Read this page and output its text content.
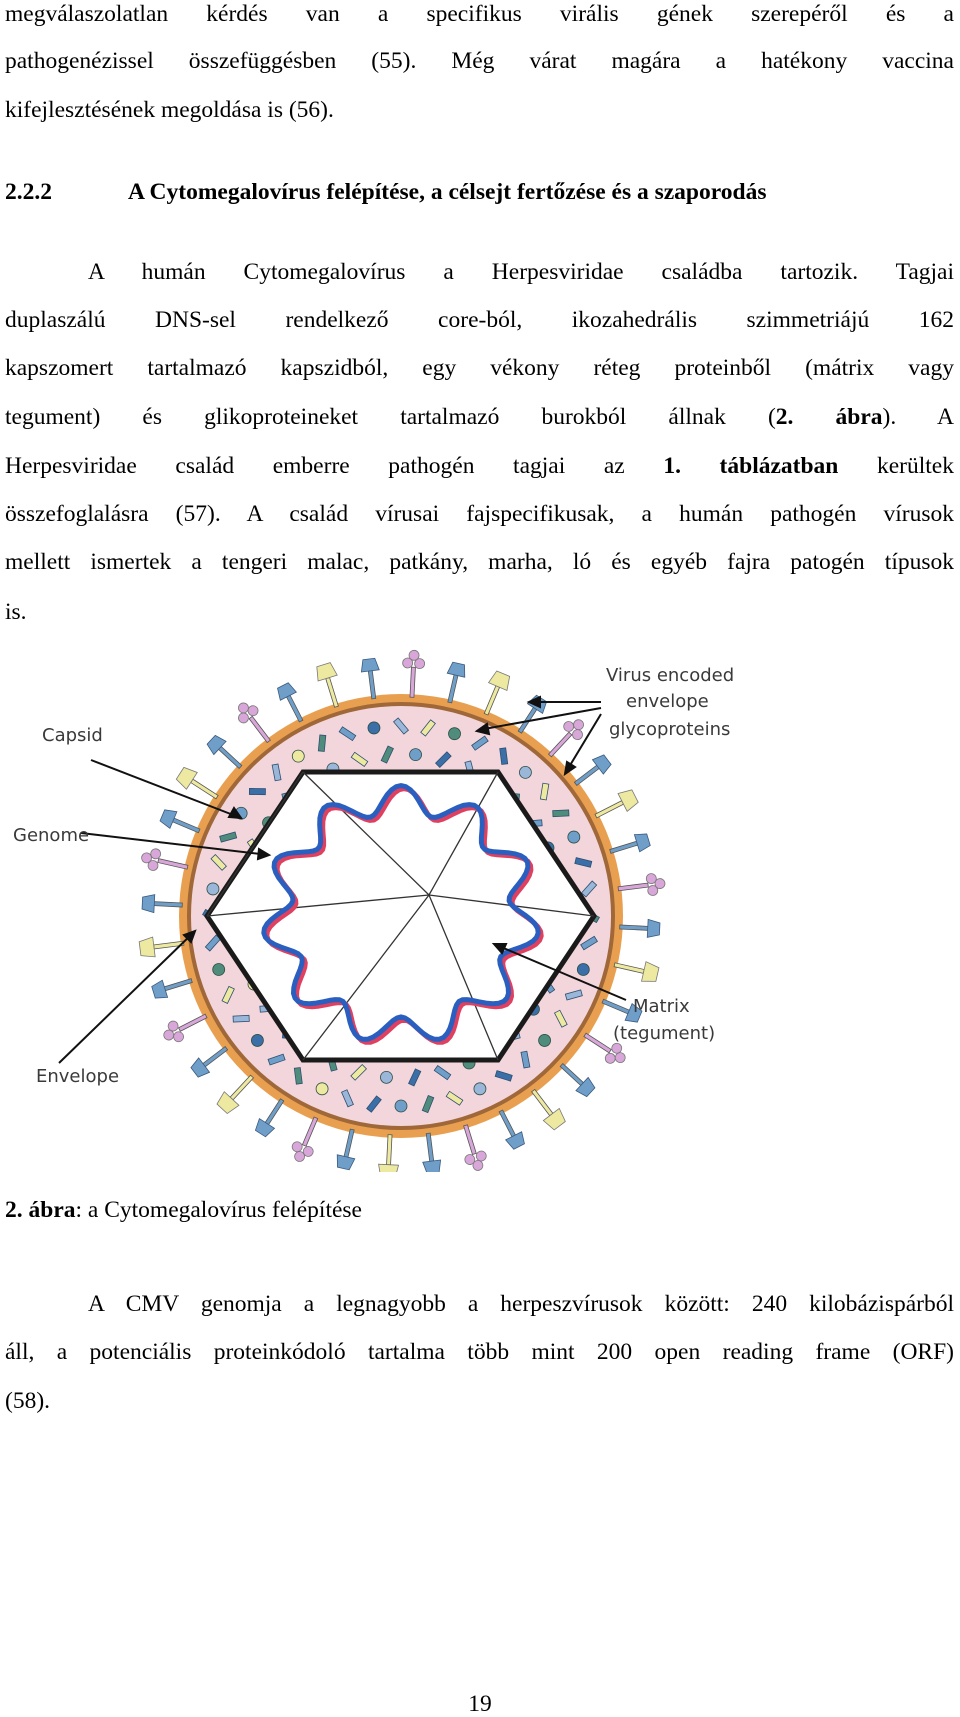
megválaszolatlan kérdés van a specifikus virális gének szerepéről és a
pathogenézissel összefüggésben (55). Még várat magára a hatékony vaccina
kifejlesztésének megoldása is (56).
2.2.2	A Cytomegalovírus felépítése, a célsejt fertőzése és a szaporodás
A humán Cytomegalovírus a Herpesviridae családba tartozik. Tagjai
duplaszálú DNS-sel rendelkező core-ból, ikozahedrális szimmetriájú 162
kapszomert tartalmazó kapszidból, egy vékony réteg proteinből (mátrix vagy
tegument) és glikoproteineket tartalmazó burokból állnak (2. ábra). A
Herpesviridae család emberre pathogén tagjai az 1. táblázatban kerültek
összefoglalásra (57). A család vírusai fajspecifikusak, a humán pathogén vírusok
mellett ismertek a tengeri malac, patkány, marha, ló és egyéb fajra patogén típusok
is.
Capsid
Genome
Envelope
Virus encoded
envelope
glycoproteins
Matrix
(tegument)
2. ábra: a Cytomegalovírus felépítése
A CMV genomja a legnagyobb a herpeszvírusok között: 240 kilobázispárból
áll, a potenciális proteinkódoló tartalma több mint 200 open reading frame (ORF)
(58).
19
